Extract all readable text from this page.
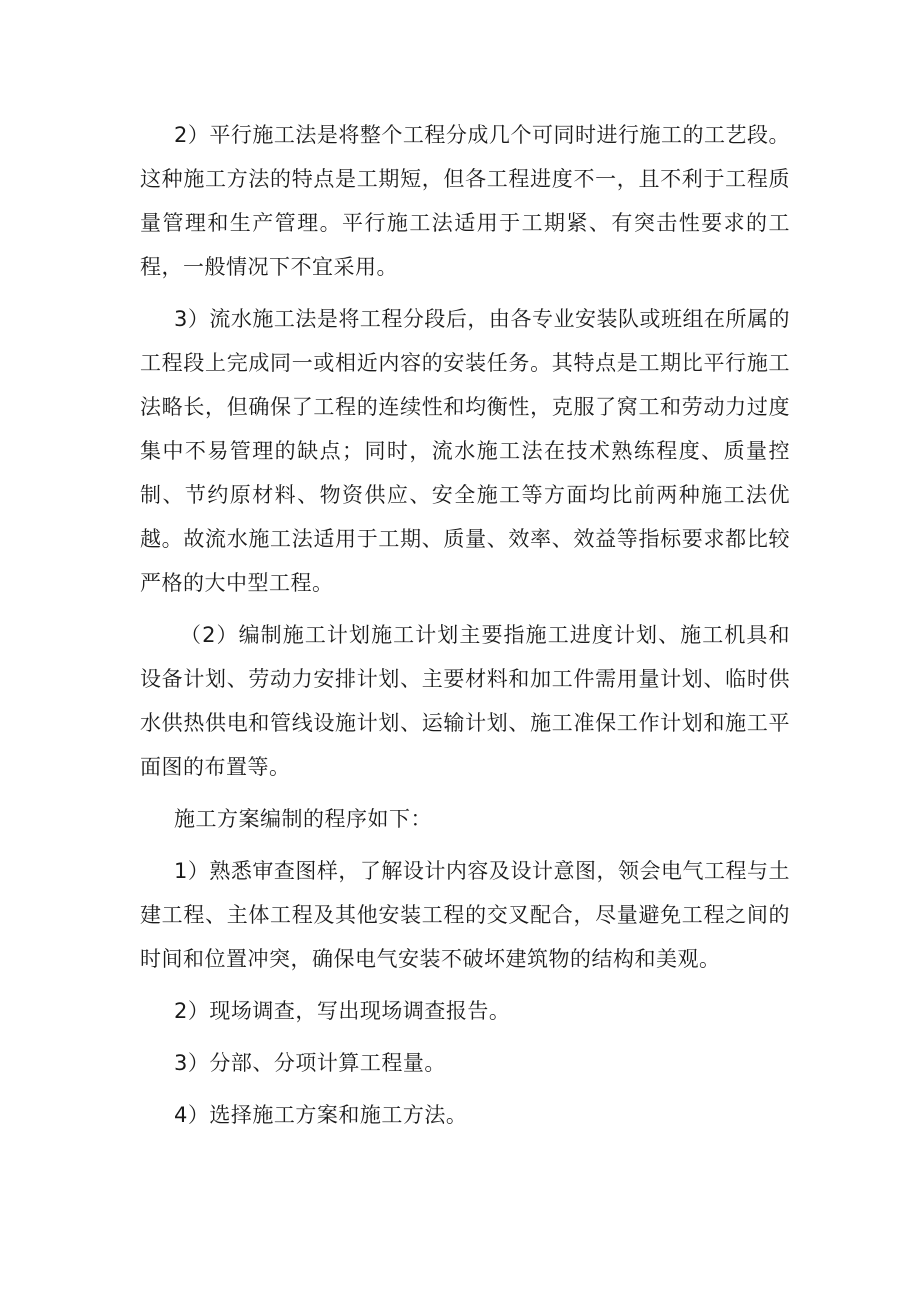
2）平行施工法是将整个工程分成几个可同时进行施工的工艺段。这种施工方法的特点是工期短，但各工程进度不一，且不利于工程质量管理和生产管理。平行施工法适用于工期紧、有突击性要求的工程，一般情况下不宜采用。

3）流水施工法是将工程分段后，由各专业安装队或班组在所属的工程段上完成同一或相近内容的安装任务。其特点是工期比平行施工法略长，但确保了工程的连续性和均衡性，克服了窝工和劳动力过度集中不易管理的缺点；同时，流水施工法在技术熟练程度、质量控制、节约原材料、物资供应、安全施工等方面均比前两种施工法优越。故流水施工法适用于工期、质量、效率、效益等指标要求都比较严格的大中型工程。

（2）编制施工计划施工计划主要指施工进度计划、施工机具和设备计划、劳动力安排计划、主要材料和加工件需用量计划、临时供水供热供电和管线设施计划、运输计划、施工准保工作计划和施工平面图的布置等。

施工方案编制的程序如下：

1）熟悉审查图样，了解设计内容及设计意图，领会电气工程与土建工程、主体工程及其他安装工程的交叉配合，尽量避免工程之间的时间和位置冲突，确保电气安装不破坏建筑物的结构和美观。

2）现场调查，写出现场调查报告。

3）分部、分项计算工程量。

4）选择施工方案和施工方法。
